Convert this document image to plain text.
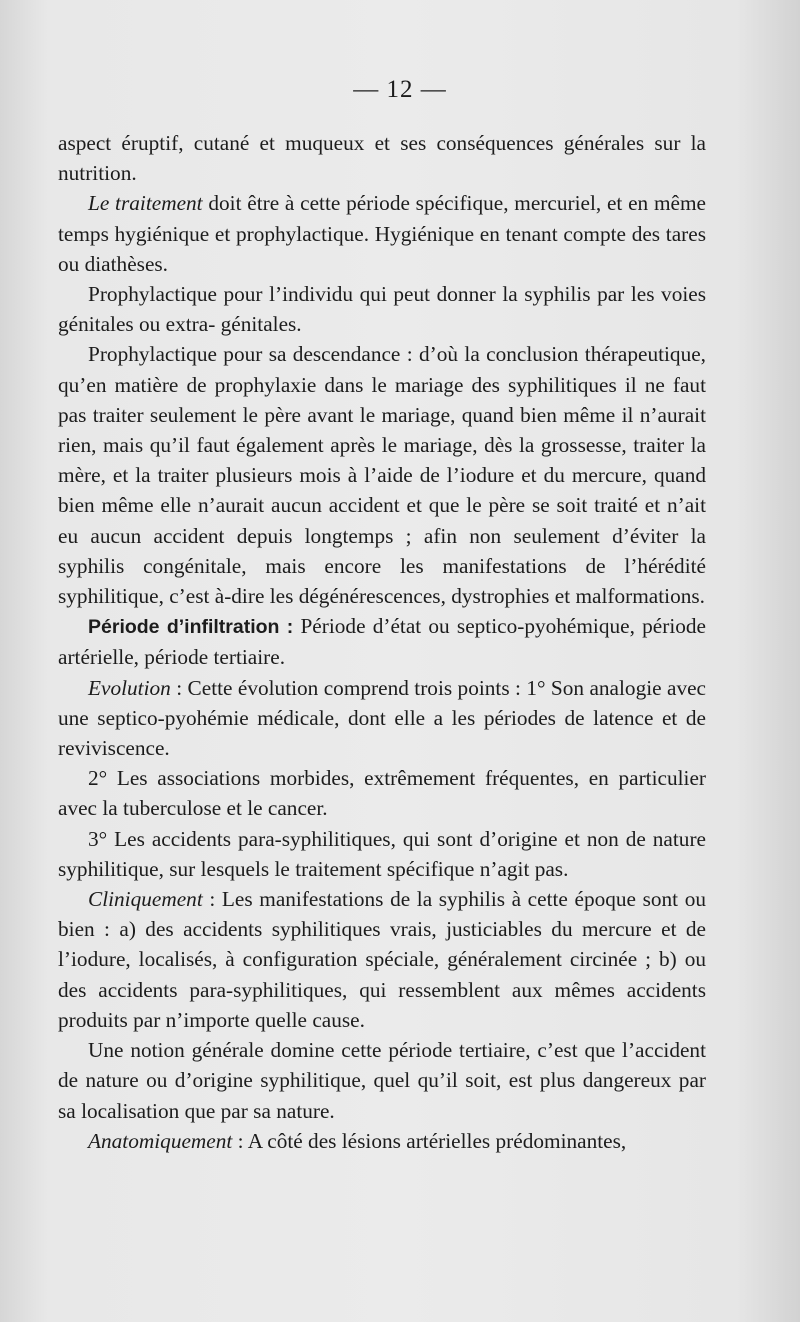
— 12 —

aspect éruptif, cutané et muqueux et ses conséquences générales sur la nutrition.

Le traitement doit être à cette période spécifique, mercuriel, et en même temps hygiénique et prophylactique. Hygiénique en tenant compte des tares ou diathèses.

Prophylactique pour l’individu qui peut donner la syphilis par les voies génitales ou extra- génitales.

Prophylactique pour sa descendance : d’où la conclusion thérapeutique, qu’en matière de prophylaxie dans le mariage des syphilitiques il ne faut pas traiter seulement le père avant le mariage, quand bien même il n’aurait rien, mais qu’il faut également après le mariage, dès la grossesse, traiter la mère, et la traiter plusieurs mois à l’aide de l’iodure et du mercure, quand bien même elle n’aurait aucun accident et que le père se soit traité et n’ait eu aucun accident depuis longtemps ; afin non seulement d’éviter la syphilis congénitale, mais encore les manifestations de l’hérédité syphilitique, c’est à-dire les dégénérescences, dystrophies et malformations.

Période d’infiltration : Période d’état ou septico-pyohémique, période artérielle, période tertiaire.

Evolution : Cette évolution comprend trois points : 1° Son analogie avec une septico-pyohémie médicale, dont elle a les périodes de latence et de reviviscence.

2° Les associations morbides, extrêmement fréquentes, en particulier avec la tuberculose et le cancer.

3° Les accidents para-syphilitiques, qui sont d’origine et non de nature syphilitique, sur lesquels le traitement spécifique n’agit pas.

Cliniquement : Les manifestations de la syphilis à cette époque sont ou bien : a) des accidents syphilitiques vrais, justiciables du mercure et de l’iodure, localisés, à configuration spéciale, généralement circinée ; b) ou des accidents para-syphilitiques, qui ressemblent aux mêmes accidents produits par n’importe quelle cause.

Une notion générale domine cette période tertiaire, c’est que l’accident de nature ou d’origine syphilitique, quel qu’il soit, est plus dangereux par sa localisation que par sa nature.

Anatomiquement : A côté des lésions artérielles prédominantes,
